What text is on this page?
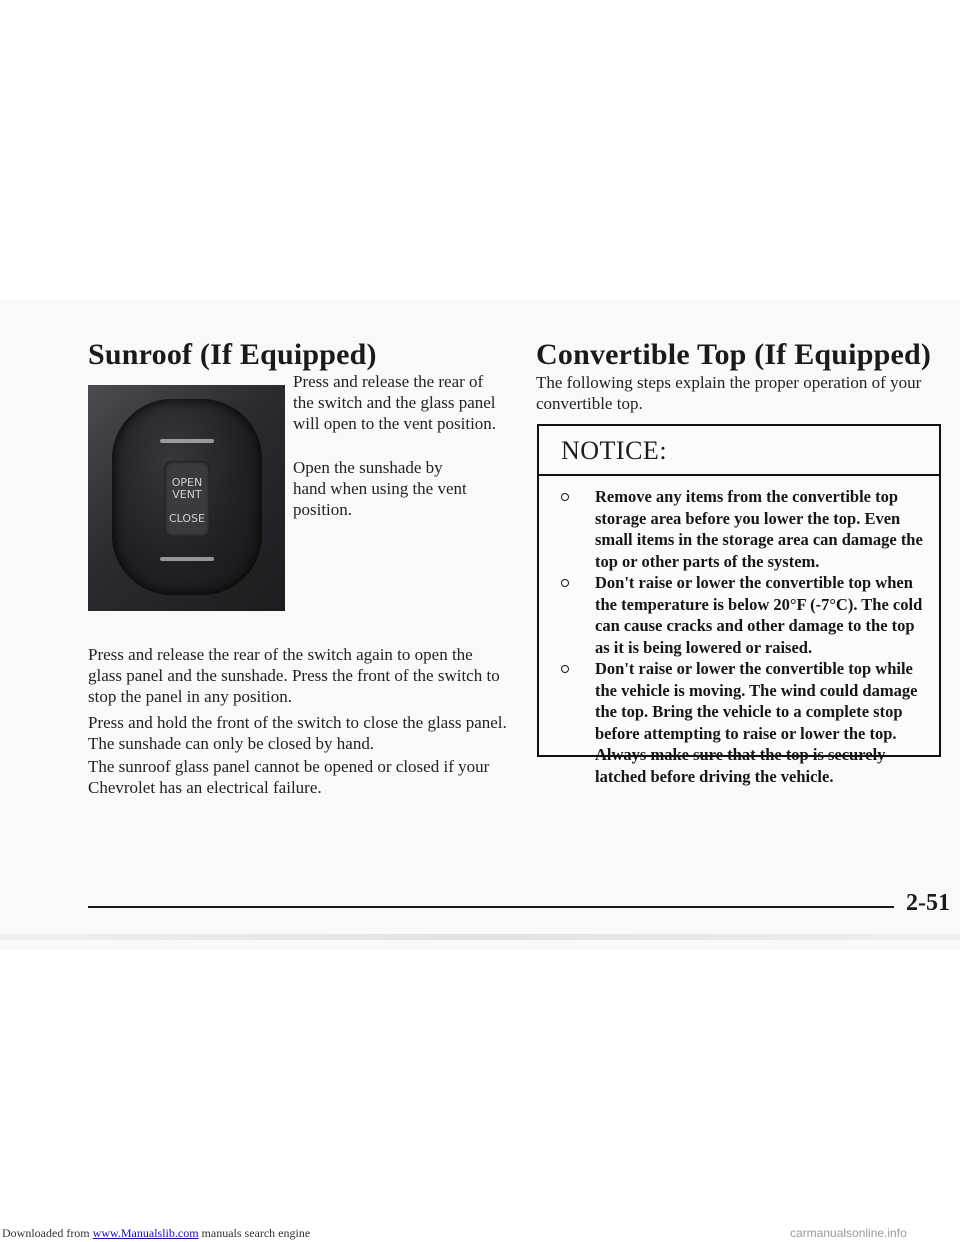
Sunroof (If Equipped)
OPEN
VENT
CLOSE

Press and release the rear of the switch and the glass panel will open to the vent position.

Open the sunshade by hand when using the vent position.

Press and release the rear of the switch again to open the glass panel and the sunshade. Press the front of the switch to stop the panel in any position.

Press and hold the front of the switch to close the glass panel. The sunshade can only be closed by hand.

The sunroof glass panel cannot be opened or closed if your Chevrolet has an electrical failure.

Convertible Top (If Equipped)

The following steps explain the proper operation of your convertible top.

NOTICE:
Remove any items from the convertible top storage area before you lower the top. Even small items in the storage area can damage the top or other parts of the system.
Don't raise or lower the convertible top when the temperature is below 20°F (-7°C). The cold can cause cracks and other damage to the top as it is being lowered or raised.
Don't raise or lower the convertible top while the vehicle is moving. The wind could damage the top. Bring the vehicle to a complete stop before attempting to raise or lower the top. Always make sure that the top is securely latched before driving the vehicle.

2-51

Downloaded from www.Manualslib.com manuals search engine	carmanualsonline.info
